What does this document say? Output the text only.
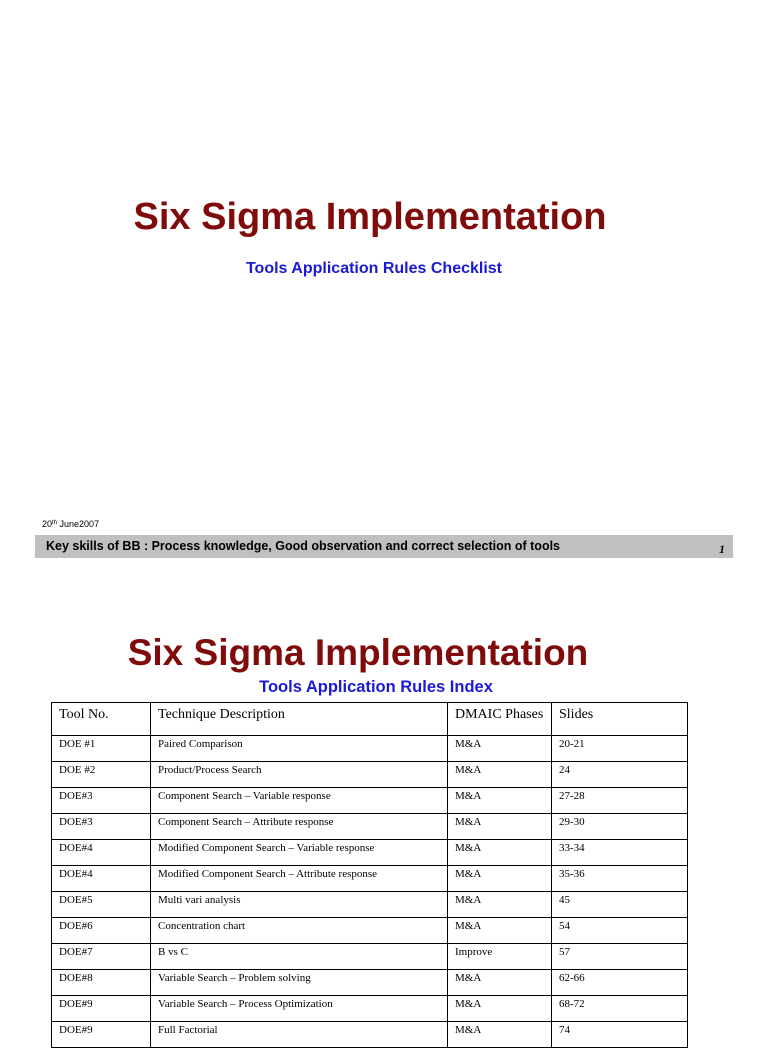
Six Sigma Implementation
Tools Application Rules Checklist
20th June2007
Key skills of BB : Process knowledge, Good observation and correct selection of tools	1
Six Sigma Implementation
Tools Application Rules Index
Tool No.	Technique Description	DMAIC Phases	Slides
DOE #1	Paired Comparison	M&A	20-21
DOE #2	Product/Process Search	M&A	24
DOE#3	Component Search – Variable response	M&A	27-28
DOE#3	Component Search – Attribute response	M&A	29-30
DOE#4	Modified Component Search – Variable response	M&A	33-34
DOE#4	Modified Component Search – Attribute response	M&A	35-36
DOE#5	Multi vari analysis	M&A	45
DOE#6	Concentration chart	M&A	54
DOE#7	B vs C	Improve	57
DOE#8	Variable Search – Problem solving	M&A	62-66
DOE#9	Variable Search – Process Optimization	M&A	68-72
DOE#9	Full Factorial	M&A	74
